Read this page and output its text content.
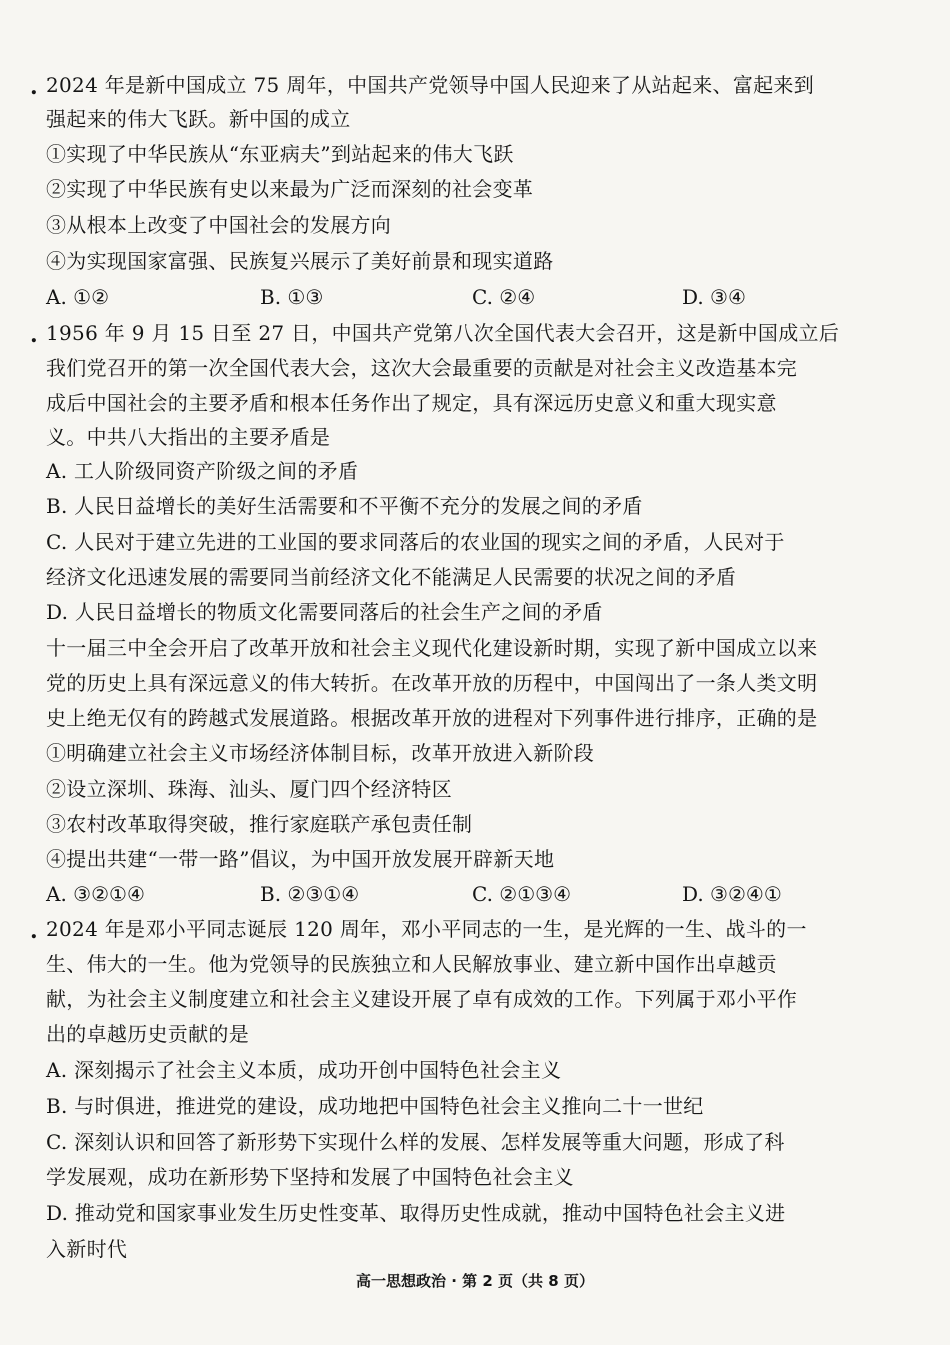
. 2024 年是新中国成立 75 周年，中国共产党领导中国人民迎来了从站起来、富起来到
强起来的伟大飞跃。新中国的成立
①实现了中华民族从“东亚病夫”到站起来的伟大飞跃
②实现了中华民族有史以来最为广泛而深刻的社会变革
③从根本上改变了中国社会的发展方向
④为实现国家富强、民族复兴展示了美好前景和现实道路
A. ①②	B. ①③	C. ②④	D. ③④
. 1956 年 9 月 15 日至 27 日，中国共产党第八次全国代表大会召开，这是新中国成立后
我们党召开的第一次全国代表大会，这次大会最重要的贡献是对社会主义改造基本完
成后中国社会的主要矛盾和根本任务作出了规定，具有深远历史意义和重大现实意
义。中共八大指出的主要矛盾是
A. 工人阶级同资产阶级之间的矛盾
B. 人民日益增长的美好生活需要和不平衡不充分的发展之间的矛盾
C. 人民对于建立先进的工业国的要求同落后的农业国的现实之间的矛盾，人民对于
经济文化迅速发展的需要同当前经济文化不能满足人民需要的状况之间的矛盾
D. 人民日益增长的物质文化需要同落后的社会生产之间的矛盾
十一届三中全会开启了改革开放和社会主义现代化建设新时期，实现了新中国成立以来
党的历史上具有深远意义的伟大转折。在改革开放的历程中，中国闯出了一条人类文明
史上绝无仅有的跨越式发展道路。根据改革开放的进程对下列事件进行排序，正确的是
①明确建立社会主义市场经济体制目标，改革开放进入新阶段
②设立深圳、珠海、汕头、厦门四个经济特区
③农村改革取得突破，推行家庭联产承包责任制
④提出共建“一带一路”倡议，为中国开放发展开辟新天地
A. ③②①④	B. ②③①④	C. ②①③④	D. ③②④①
. 2024 年是邓小平同志诞辰 120 周年，邓小平同志的一生，是光辉的一生、战斗的一
生、伟大的一生。他为党领导的民族独立和人民解放事业、建立新中国作出卓越贡
献，为社会主义制度建立和社会主义建设开展了卓有成效的工作。下列属于邓小平作
出的卓越历史贡献的是
A. 深刻揭示了社会主义本质，成功开创中国特色社会主义
B. 与时俱进，推进党的建设，成功地把中国特色社会主义推向二十一世纪
C. 深刻认识和回答了新形势下实现什么样的发展、怎样发展等重大问题，形成了科
学发展观，成功在新形势下坚持和发展了中国特色社会主义
D. 推动党和国家事业发生历史性变革、取得历史性成就，推动中国特色社会主义进
入新时代
高一思想政治 · 第 2 页（共 8 页）
